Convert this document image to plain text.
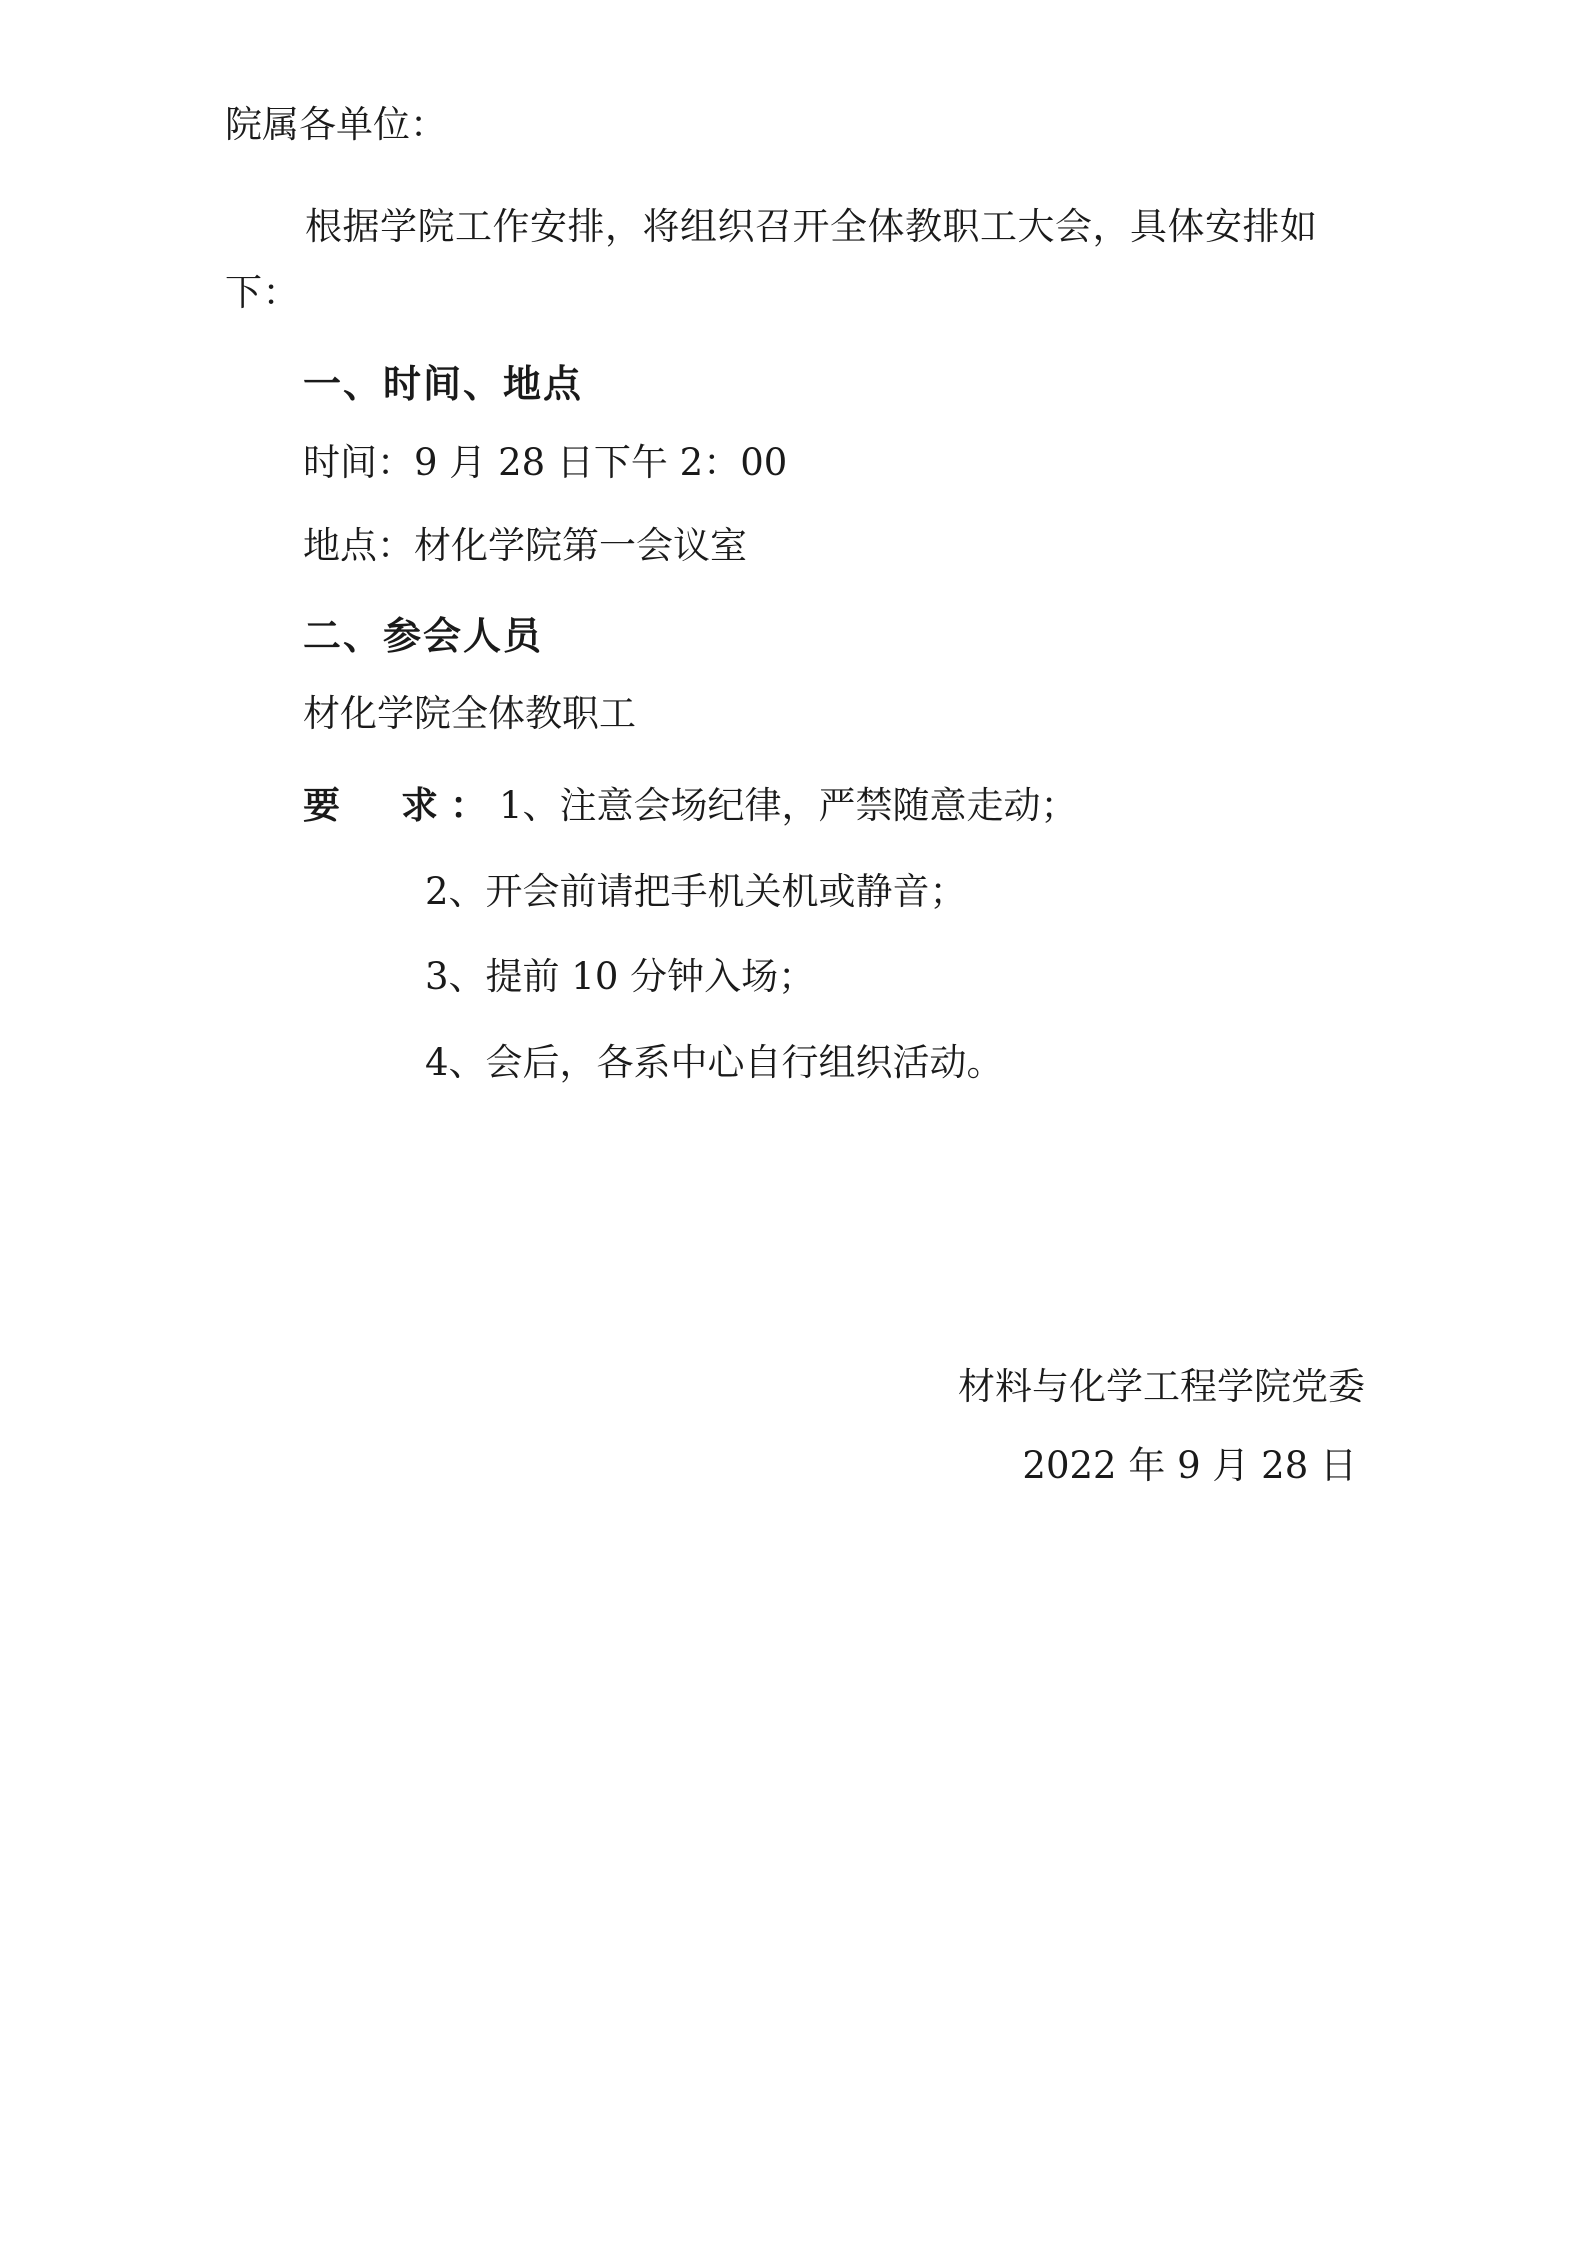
院属各单位：

根据学院工作安排，将组织召开全体教职工大会，具体安排如下：

一、时间、地点

时间：9 月 28 日下午 2：00

地点：材化学院第一会议室

二、参会人员

材化学院全体教职工

要　求：1、注意会场纪律，严禁随意走动；

2、开会前请把手机关机或静音；

3、提前 10 分钟入场；

4、会后，各系中心自行组织活动。

材料与化学工程学院党委

2022 年 9 月 28 日
